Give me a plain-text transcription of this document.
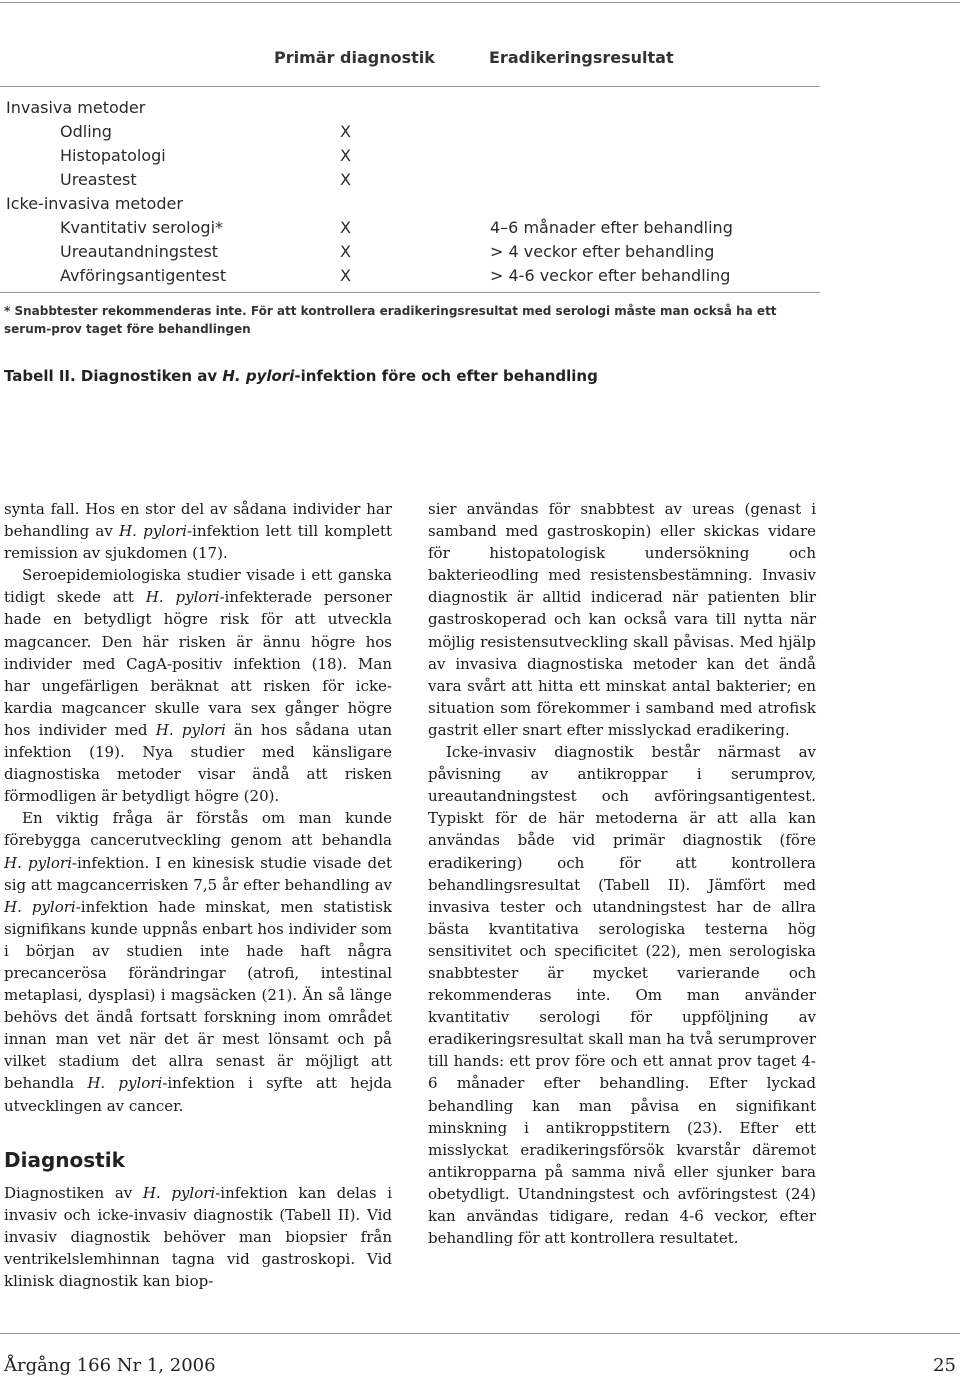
Primär diagnostik	Eradikeringsresultat
Invasiva metoder
Odling	X
Histopatologi	X
Ureastest	X
Icke-invasiva metoder
Kvantitativ serologi*	X	4–6 månader efter behandling
Ureautandningstest	X	> 4 veckor efter behandling
Avföringsantigentest	X	> 4-6 veckor efter behandling
* Snabbtester rekommenderas inte. För att kontrollera eradikeringsresultat med serologi måste man också ha ett serum-prov taget före behandlingen
Tabell II. Diagnostiken av H. pylori-infektion före och efter behandling

synta fall. Hos en stor del av sådana individer har behandling av H. pylori-infektion lett till komplett remission av sjukdomen (17).

Seroepidemiologiska studier visade i ett ganska tidigt skede att H. pylori-infekterade personer hade en betydligt högre risk för att utveckla magcancer. Den här risken är ännu högre hos individer med CagA-positiv infektion (18). Man har ungefärligen beräknat att risken för icke-kardia magcancer skulle vara sex gånger högre hos individer med H. pylori än hos sådana utan infektion (19). Nya studier med känsligare diagnostiska metoder visar ändå att risken förmodligen är betydligt högre (20).

En viktig fråga är förstås om man kunde förebygga cancerutveckling genom att behandla H. pylori-infektion. I en kinesisk studie visade det sig att magcancerrisken 7,5 år efter behandling av H. pylori-infektion hade minskat, men statistisk signifikans kunde uppnås enbart hos individer som i början av studien inte hade haft några precancerösa förändringar (atrofi, intestinal metaplasi, dysplasi) i magsäcken (21). Än så länge behövs det ändå fortsatt forskning inom området innan man vet när det är mest lönsamt och på vilket stadium det allra senast är möjligt att behandla H. pylori-infektion i syfte att hejda utvecklingen av cancer.

Diagnostik

Diagnostiken av H. pylori-infektion kan delas i invasiv och icke-invasiv diagnostik (Tabell II). Vid invasiv diagnostik behöver man biopsier från ventrikelslemhinnan tagna vid gastroskopi. Vid klinisk diagnostik kan biop-

sier användas för snabbtest av ureas (genast i samband med gastroskopin) eller skickas vidare för histopatologisk undersökning och bakterieodling med resistensbestämning. Invasiv diagnostik är alltid indicerad när patienten blir gastroskoperad och kan också vara till nytta när möjlig resistensutveckling skall påvisas. Med hjälp av invasiva diagnostiska metoder kan det ändå vara svårt att hitta ett minskat antal bakterier; en situation som förekommer i samband med atrofisk gastrit eller snart efter misslyckad eradikering.

Icke-invasiv diagnostik består närmast av påvisning av antikroppar i serumprov, ureautandningstest och avföringsantigentest. Typiskt för de här metoderna är att alla kan användas både vid primär diagnostik (före eradikering) och för att kontrollera behandlingsresultat (Tabell II). Jämfört med invasiva tester och utandningstest har de allra bästa kvantitativa serologiska testerna hög sensitivitet och specificitet (22), men serologiska snabbtester är mycket varierande och rekommenderas inte. Om man använder kvantitativ serologi för uppföljning av eradikeringsresultat skall man ha två serumprover till hands: ett prov före och ett annat prov taget 4-6 månader efter behandling. Efter lyckad behandling kan man påvisa en signifikant minskning i antikroppstitern (23). Efter ett misslyckat eradikeringsförsök kvarstår däremot antikropparna på samma nivå eller sjunker bara obetydligt. Utandningstest och avföringstest (24) kan användas tidigare, redan 4-6 veckor, efter behandling för att kontrollera resultatet.

Årgång 166 Nr 1, 2006	25
